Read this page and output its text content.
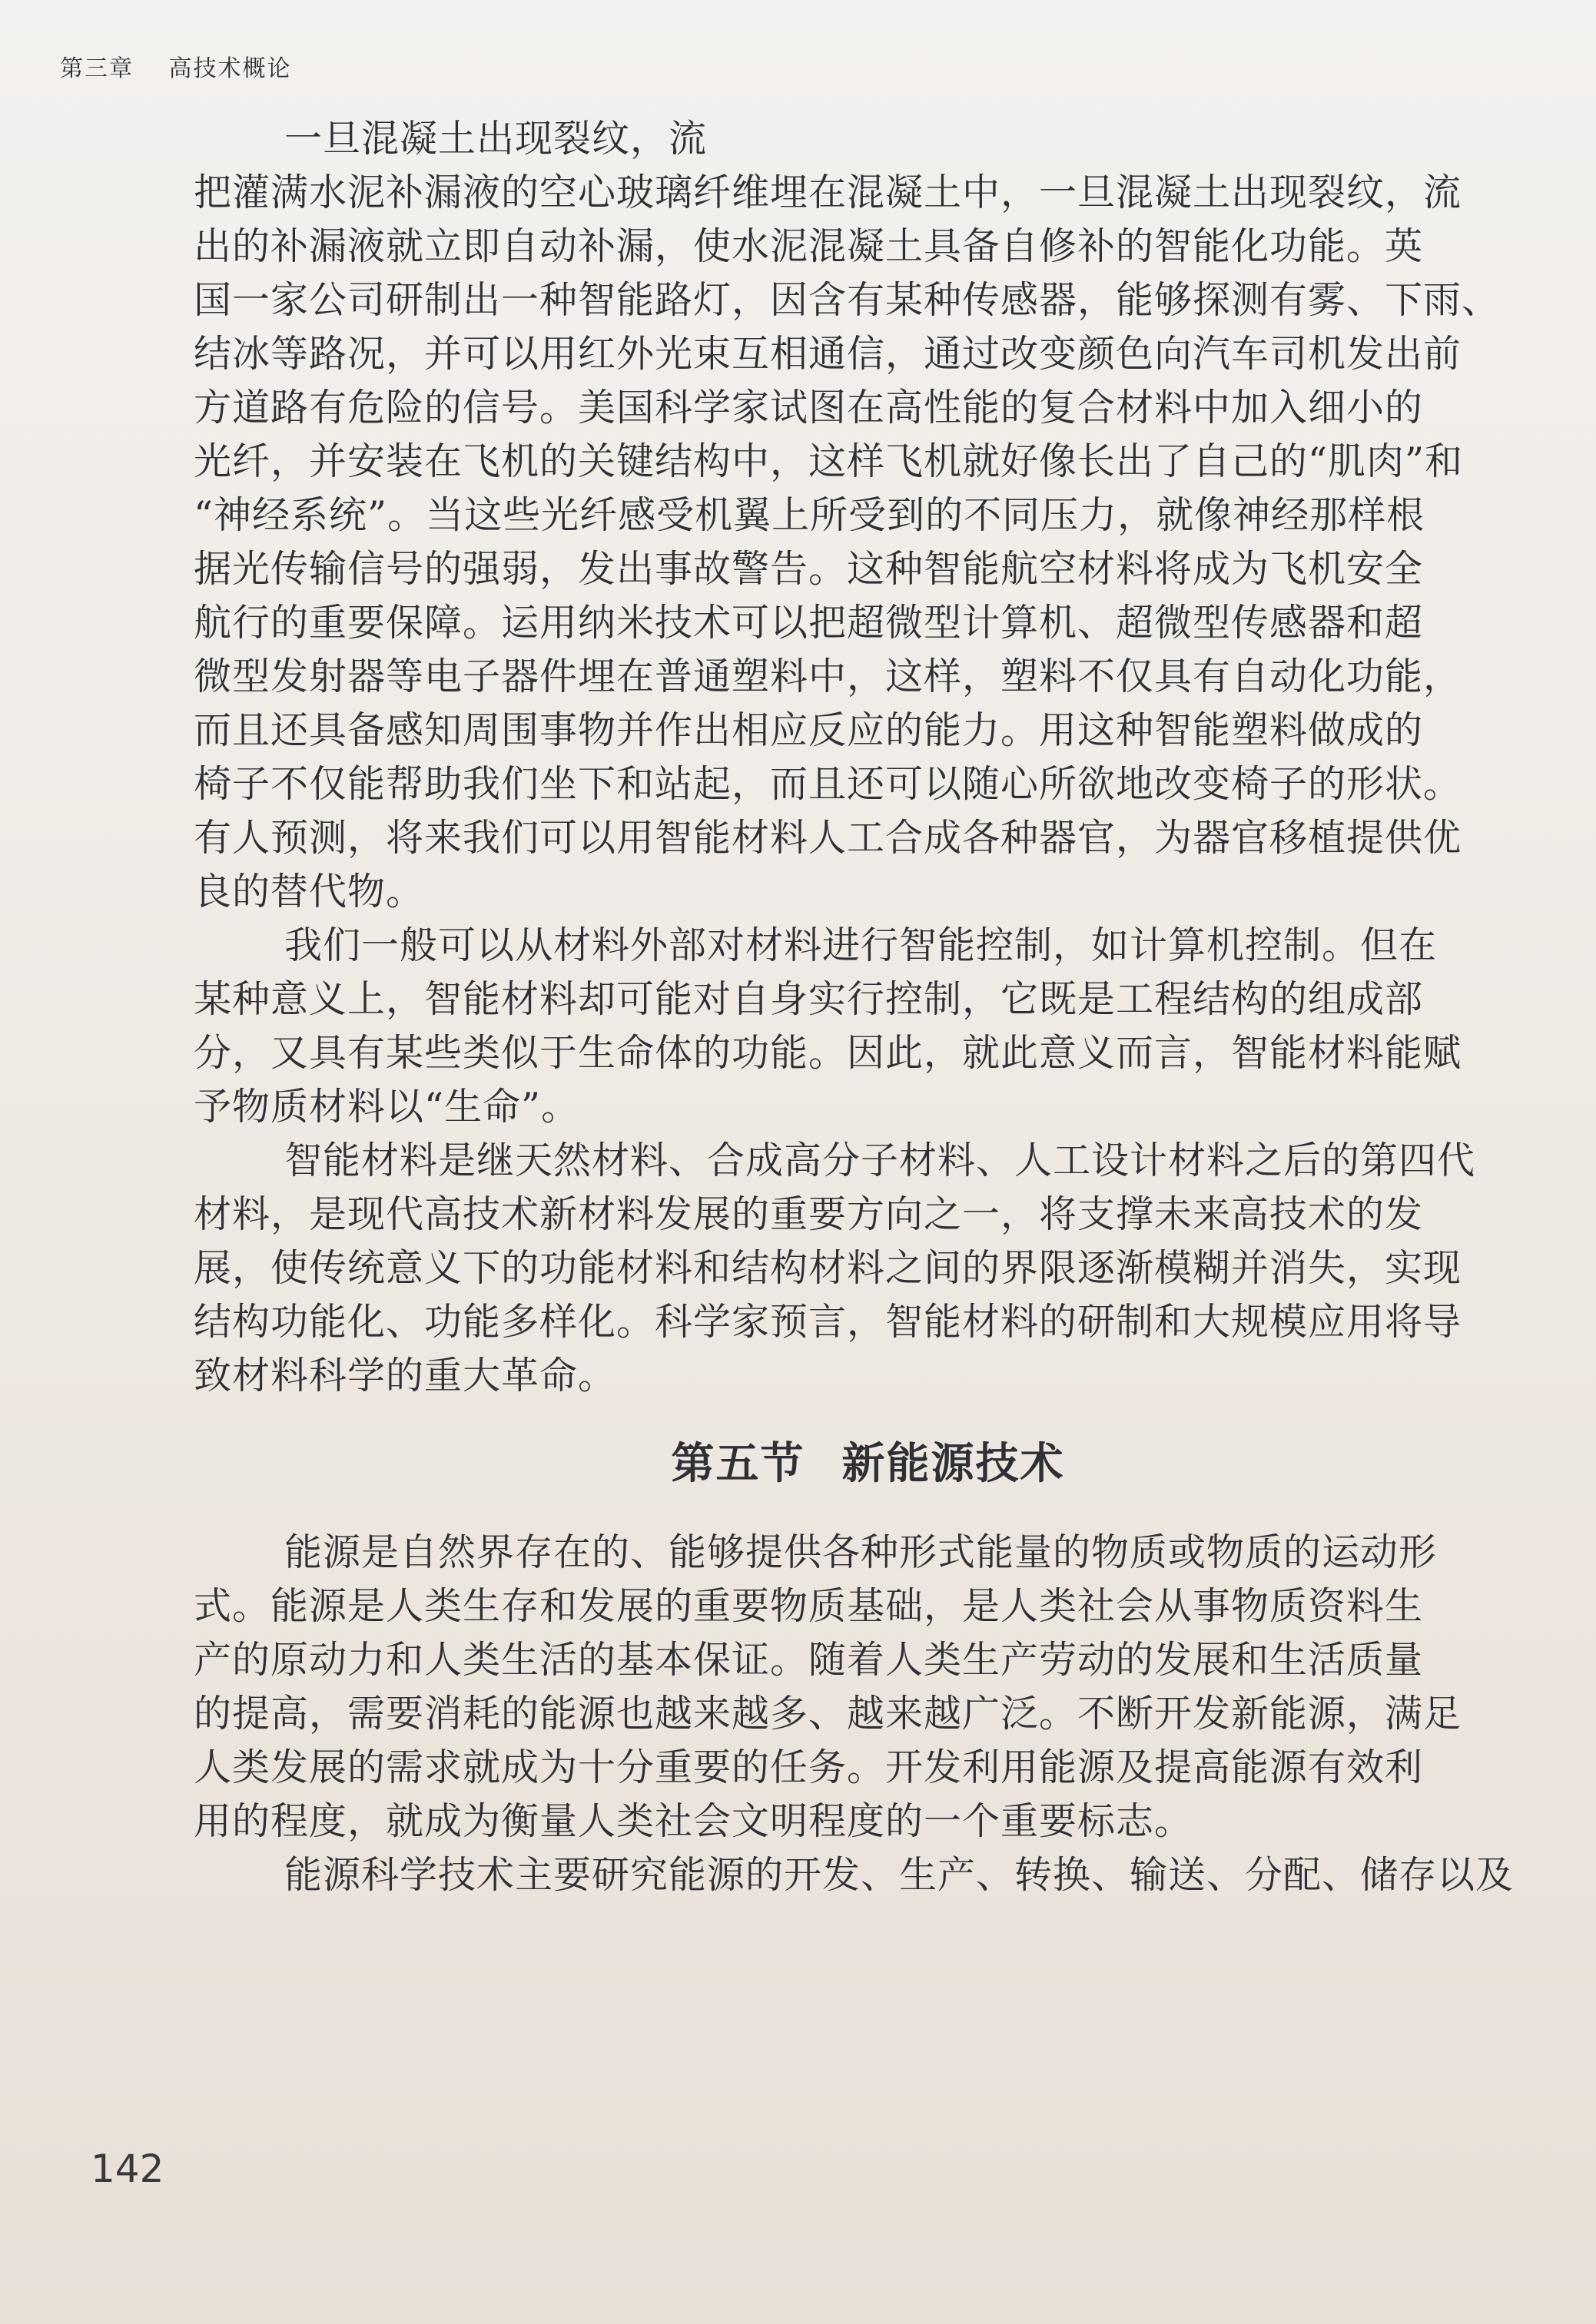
第三章 高技术概论
一旦混凝土出现裂纹，流
把灌满水泥补漏液的空心玻璃纤维埋在混凝土中，一旦混凝土出现裂纹，流
出的补漏液就立即自动补漏，使水泥混凝土具备自修补的智能化功能。英
国一家公司研制出一种智能路灯，因含有某种传感器，能够探测有雾、下雨、
结冰等路况，并可以用红外光束互相通信，通过改变颜色向汽车司机发出前
方道路有危险的信号。美国科学家试图在高性能的复合材料中加入细小的
光纤，并安装在飞机的关键结构中，这样飞机就好像长出了自己的“肌肉”和
“神经系统”。当这些光纤感受机翼上所受到的不同压力，就像神经那样根
据光传输信号的强弱，发出事故警告。这种智能航空材料将成为飞机安全
航行的重要保障。运用纳米技术可以把超微型计算机、超微型传感器和超
微型发射器等电子器件埋在普通塑料中，这样，塑料不仅具有自动化功能，
而且还具备感知周围事物并作出相应反应的能力。用这种智能塑料做成的
椅子不仅能帮助我们坐下和站起，而且还可以随心所欲地改变椅子的形状。
有人预测，将来我们可以用智能材料人工合成各种器官，为器官移植提供优
良的替代物。
我们一般可以从材料外部对材料进行智能控制，如计算机控制。但在
某种意义上，智能材料却可能对自身实行控制，它既是工程结构的组成部
分，又具有某些类似于生命体的功能。因此，就此意义而言，智能材料能赋
予物质材料以“生命”。
智能材料是继天然材料、合成高分子材料、人工设计材料之后的第四代
材料，是现代高技术新材料发展的重要方向之一，将支撑未来高技术的发
展，使传统意义下的功能材料和结构材料之间的界限逐渐模糊并消失，实现
结构功能化、功能多样化。科学家预言，智能材料的研制和大规模应用将导
致材料科学的重大革命。
第五节 新能源技术
能源是自然界存在的、能够提供各种形式能量的物质或物质的运动形
式。能源是人类生存和发展的重要物质基础，是人类社会从事物质资料生
产的原动力和人类生活的基本保证。随着人类生产劳动的发展和生活质量
的提高，需要消耗的能源也越来越多、越来越广泛。不断开发新能源，满足
人类发展的需求就成为十分重要的任务。开发利用能源及提高能源有效利
用的程度，就成为衡量人类社会文明程度的一个重要标志。
能源科学技术主要研究能源的开发、生产、转换、输送、分配、储存以及
142
